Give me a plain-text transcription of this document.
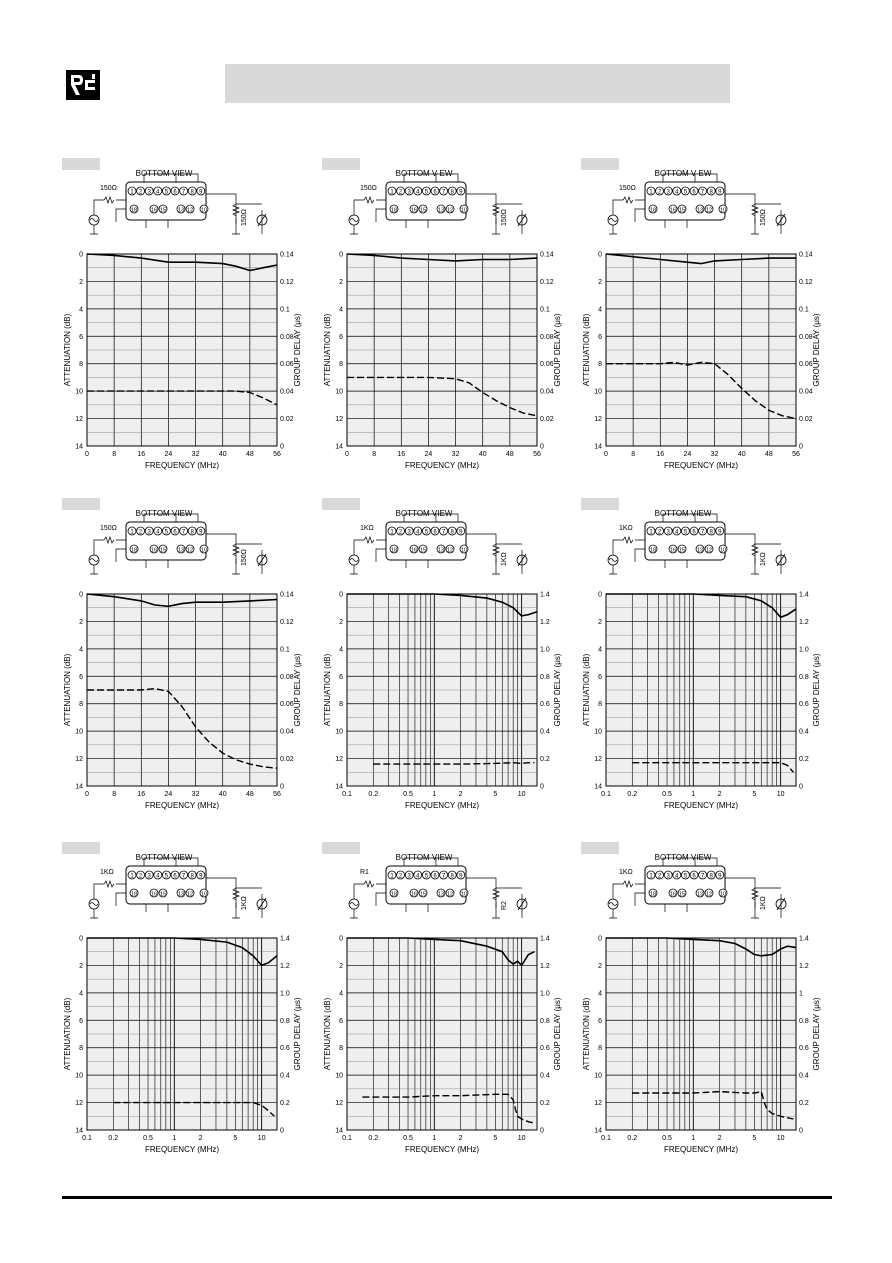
BOTTOM VIEW
1 2 3 4 5 6 7 8 9
18	16 15 13 12 10
150Ω
150Ω
0	8	16	24	32	40	48	56
0
2
4
6
8
10
12
14
0.14
0.12
0.1
0.08
0.06
0.04
0.02
0
FREQUENCY (MHz)
ATTENUATION (dB)	GROUP DELAY (μs)
BOTTOM V EW
1 2 3 4 5 6 7 8 9
18	16 15 13 12 10
150Ω
150Ω
0	8	16	24	32	40	48	56
0
2
4
6
8
10
12
14
0.14
0.12
0.1
0.08
0.06
0.04
0.02
0
FREQUENCY (MHz)
ATTENUATION (dB)	GROUP DELAY (μs)
BOTTOM V EW
1 2 3 4 5 6 7 8 9
18	16 15 13 12 10
150Ω
150Ω
0	8	16	24	32	40	48	56
0
2
4
6
8
10
12
14
0.14
0.12
0.1
0.08
0.06
0.04
0.02
0
FREQUENCY (MHz)
ATTENUATION (dB)	GROUP DELAY (μs)
BOTTOM VIEW
1 2 3 4 5 6 7 8 9
18	16 15 13 12 10
150Ω
150Ω
0	8	16	24	32	40	48	56
0
2
4
6
8
10
12
14
0.14
0.12
0.1
0.08
0.06
0.04
0.02
0
FREQUENCY (MHz)
ATTENUATION (dB)	GROUP DELAY (μs)
BOTTOM VIEW
1 2 3 4 5 6 7 8 9
18	16 15 13 12 10
1KΩ
1KΩ
0.1 0.2	0.5	1	2	5	10
0
2
4
6
8
10
12
14
1.4
1.2
1.0
0.8
0.6
0.4
0.2
0
FREQUENCY (MHz)
ATTENUATION (dB)	GROUP DELAY (μs)
BOTTOM VIEW
1 2 3 4 5 6 7 8 9
18	16 15 13 12 10
1KΩ
1KΩ
0.1 0.2	0.5	1	2	5	10
0
2
4
6
8
10
12
14
1.4
1.2
1.0
0.8
0.6
0.4
0.2
0
FREQUENCY (MHz)
ATTENUATION (dB)	GROUP DELAY (μs)
BOTTOM VIEW
1 2 3 4 5 6 7 8 9
18	16 15 13 12 10
1KΩ
1KΩ
0.1 0.2	0.5	1	2	5	10
0
2
4
6
8
10
12
14
1.4
1.2
1.0
0.8
0.6
0.4
0.2
0
FREQUENCY (MHz)
ATTENUATION (dB)	GROUP DELAY (μs)
BOTTOM VIEW
1 2 3 4 5 6 7 8 9
18	16 15 13 12 10
R1
R2
0.1 0.2	0.5	1	2	5	10
0
2
4
6
8
10
12
14
1.4
1.2
1.0
0.8
0.6
0.4
0.2
0
FREQUENCY (MHz)
ATTENUATION (dB)	GROUP DELAY (μs)
BOTTOM VIEW
1 2 3 4 5 6 7 8 9
18	16 15 13 12 10
1KΩ
1KΩ
0.1 0.2	0.5	1	2	5	10
0
2
4
6
8
10
12
14
1.4
1.2
1
0.8
0.6
0.4
0.2
0
FREQUENCY (MHz)
ATTENUATION (dB)	GROUP DELAY (μs)
